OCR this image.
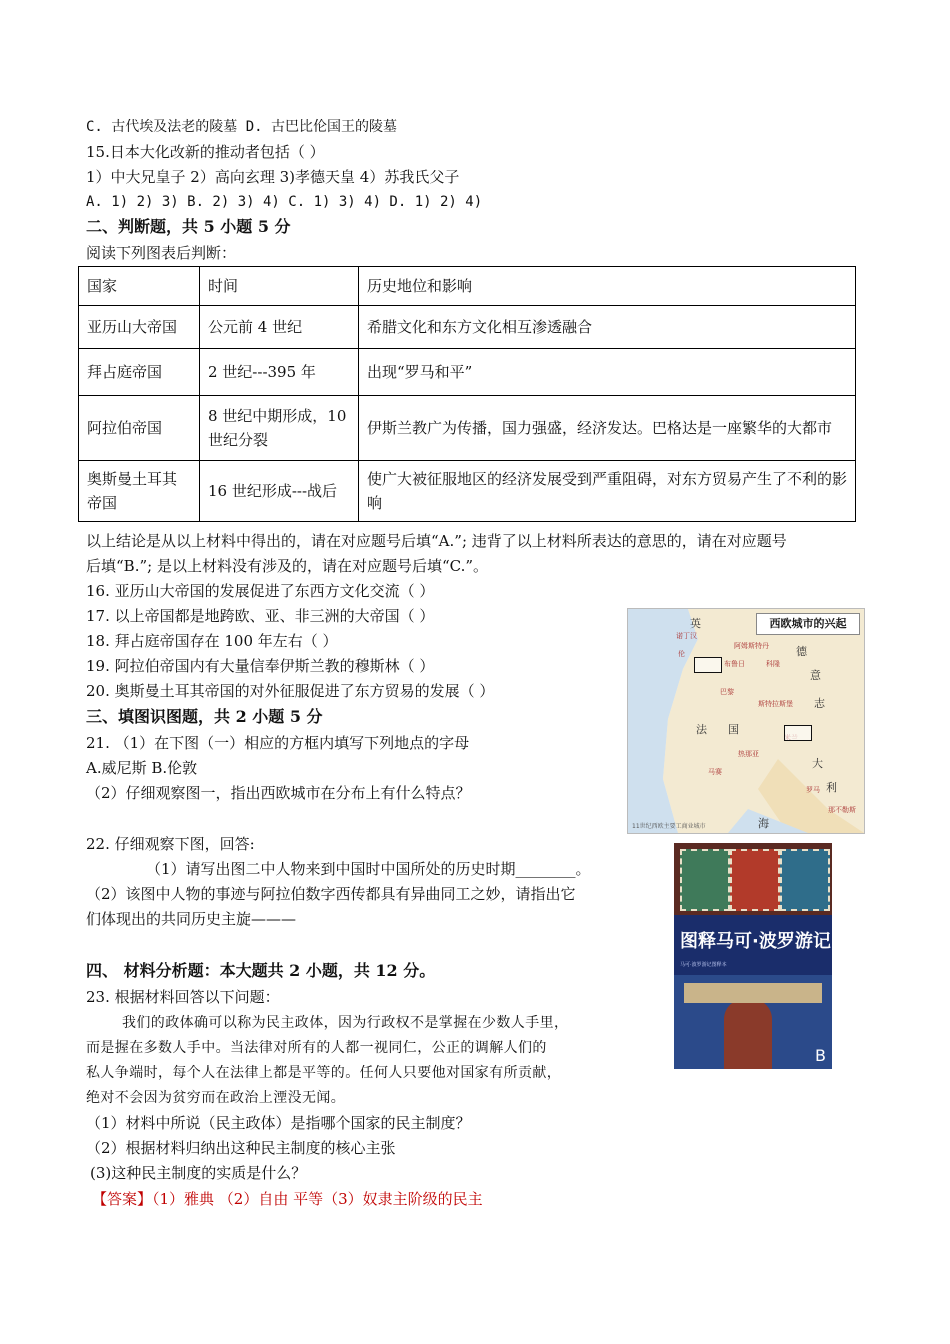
C. 古代埃及法老的陵墓 D. 古巴比伦国王的陵墓
15.日本大化改新的推动者包括（ ）
1）中大兄皇子 2）高向玄理 3)孝德天皇 4）苏我氏父子
A. 1) 2) 3) B. 2) 3) 4) C. 1) 3) 4) D. 1) 2) 4)
二、判断题，共 5 小题 5 分
阅读下列图表后判断：
国家	时间	历史地位和影响
亚历山大帝国	公元前 4 世纪	希腊文化和东方文化相互渗透融合
拜占庭帝国	2 世纪---395 年	出现“罗马和平”
阿拉伯帝国	8 世纪中期形成，10 世纪分裂	伊斯兰教广为传播，国力强盛，经济发达。巴格达是一座繁华的大都市
奥斯曼土耳其帝国	16 世纪形成---战后	使广大被征服地区的经济发展受到严重阻碍，对东方贸易产生了不利的影响
以上结论是从以上材料中得出的，请在对应题号后填“A.”; 违背了以上材料所表达的意思的，请在对应题号
后填“B.”; 是以上材料没有涉及的，请在对应题号后填“C.”。
16. 亚历山大帝国的发展促进了东西方文化交流（ ）
17. 以上帝国都是地跨欧、亚、非三洲的大帝国（ ）
18. 拜占庭帝国存在 100 年左右（ ）
19. 阿拉伯帝国内有大量信奉伊斯兰教的穆斯林（ ）
20. 奥斯曼土耳其帝国的对外征服促进了东方贸易的发展（ ）
三、填图识图题，共 2 小题 5 分
21. （1）在下图（一）相应的方框内填写下列地点的字母
A.威尼斯 B.伦敦
（2）仔细观察图一，指出西欧城市在分布上有什么特点？
西欧城市的兴起
英
德
意
志
法 国
大
利
海
罗马
诺丁汉
伦
阿姆斯特丹
布鲁日	科隆
巴黎
热那亚
马赛
那不勒斯
斯特拉斯堡
11世纪西欧主要工商业城市
22. 仔细观察下图，回答:
（1）请写出图二中人物来到中国时中国所处的历史时期________。
（2）该图中人物的事迹与阿拉伯数字西传都具有异曲同工之妙，请指出它
们体现出的共同历史主旋———
图释马可·波罗游记
马可·波罗游记图释本
B
四、 材料分析题：本大题共 2 小题，共 12 分。
23. 根据材料回答以下问题：
我们的政体确可以称为民主政体，因为行政权不是掌握在少数人手里，
而是握在多数人手中。当法律对所有的人都一视同仁，公正的调解人们的
私人争端时，每个人在法律上都是平等的。任何人只要他对国家有所贡献，
绝对不会因为贫穷而在政治上湮没无闻。
（1）材料中所说（民主政体）是指哪个国家的民主制度？
（2）根据材料归纳出这种民主制度的核心主张
(3)这种民主制度的实质是什么？
【答案】（1）雅典 （2）自由 平等（3）奴隶主阶级的民主
